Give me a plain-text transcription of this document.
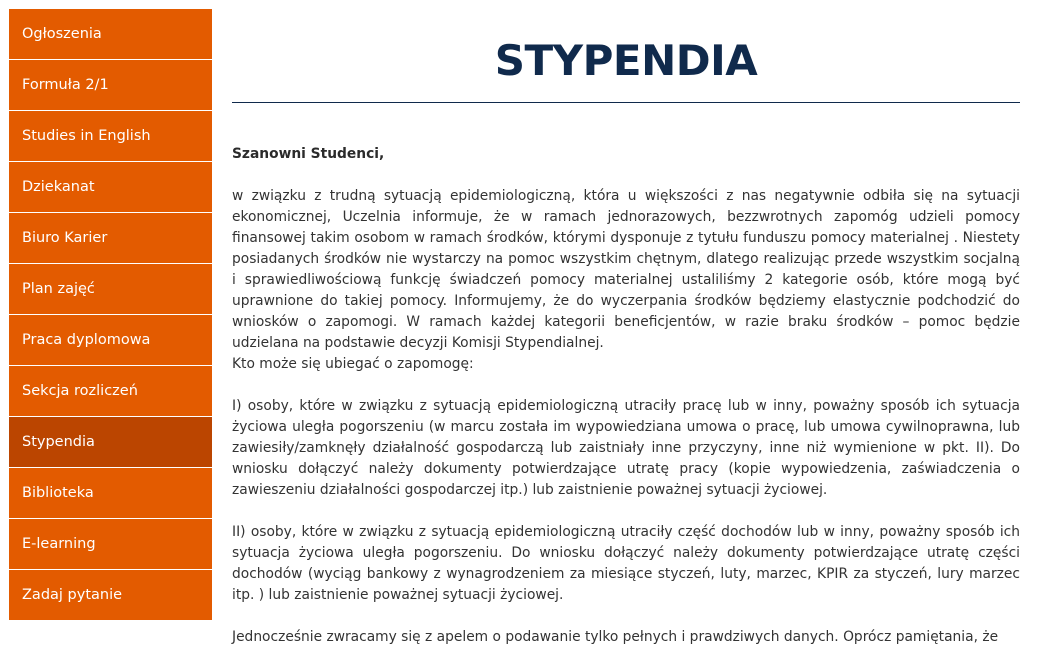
Ogłoszenia
Formuła 2/1
Studies in English
Dziekanat
Biuro Karier
Plan zajęć
Praca dyplomowa
Sekcja rozliczeń
Stypendia
Biblioteka
E-learning
Zadaj pytanie
STYPENDIA

Szanowni Studenci,

w związku z trudną sytuacją epidemiologiczną, która u większości z nas negatywnie odbiła się na sytuacji ekonomicznej, Uczelnia informuje, że w ramach jednorazowych, bezzwrotnych zapomóg udzieli pomocy finansowej takim osobom w ramach środków, którymi dysponuje z tytułu funduszu pomocy materialnej . Niestety posiadanych środków nie wystarczy na pomoc wszystkim chętnym, dlatego realizując przede wszystkim socjalną i sprawiedliwościową funkcję świadczeń pomocy materialnej ustaliliśmy 2 kategorie osób, które mogą być uprawnione do takiej pomocy. Informujemy, że do wyczerpania środków będziemy elastycznie podchodzić do wniosków o zapomogi. W ramach każdej kategorii beneficjentów, w razie braku środków – pomoc będzie udzielana na podstawie decyzji Komisji Stypendialnej.

Kto może się ubiegać o zapomogę:

I) osoby, które w związku z sytuacją epidemiologiczną utraciły pracę lub w inny, poważny sposób ich sytuacja życiowa uległa pogorszeniu (w marcu została im wypowiedziana umowa o pracę, lub umowa cywilnoprawna, lub zawiesiły/zamknęły działalność gospodarczą lub zaistniały inne przyczyny, inne niż wymienione w pkt. II). Do wniosku dołączyć należy dokumenty potwierdzające utratę pracy (kopie wypowiedzenia, zaświadczenia o zawieszeniu działalności gospodarczej itp.) lub zaistnienie poważnej sytuacji życiowej.

II) osoby, które w związku z sytuacją epidemiologiczną utraciły część dochodów lub w inny, poważny sposób ich sytuacja życiowa uległa pogorszeniu. Do wniosku dołączyć należy dokumenty potwierdzające utratę części dochodów (wyciąg bankowy z wynagrodzeniem za miesiące styczeń, luty, marzec, KPIR za styczeń, lury marzec itp. ) lub zaistnienie poważnej sytuacji życiowej.

Jednocześnie zwracamy się z apelem o podawanie tylko pełnych i prawdziwych danych. Oprócz pamiętania, że
